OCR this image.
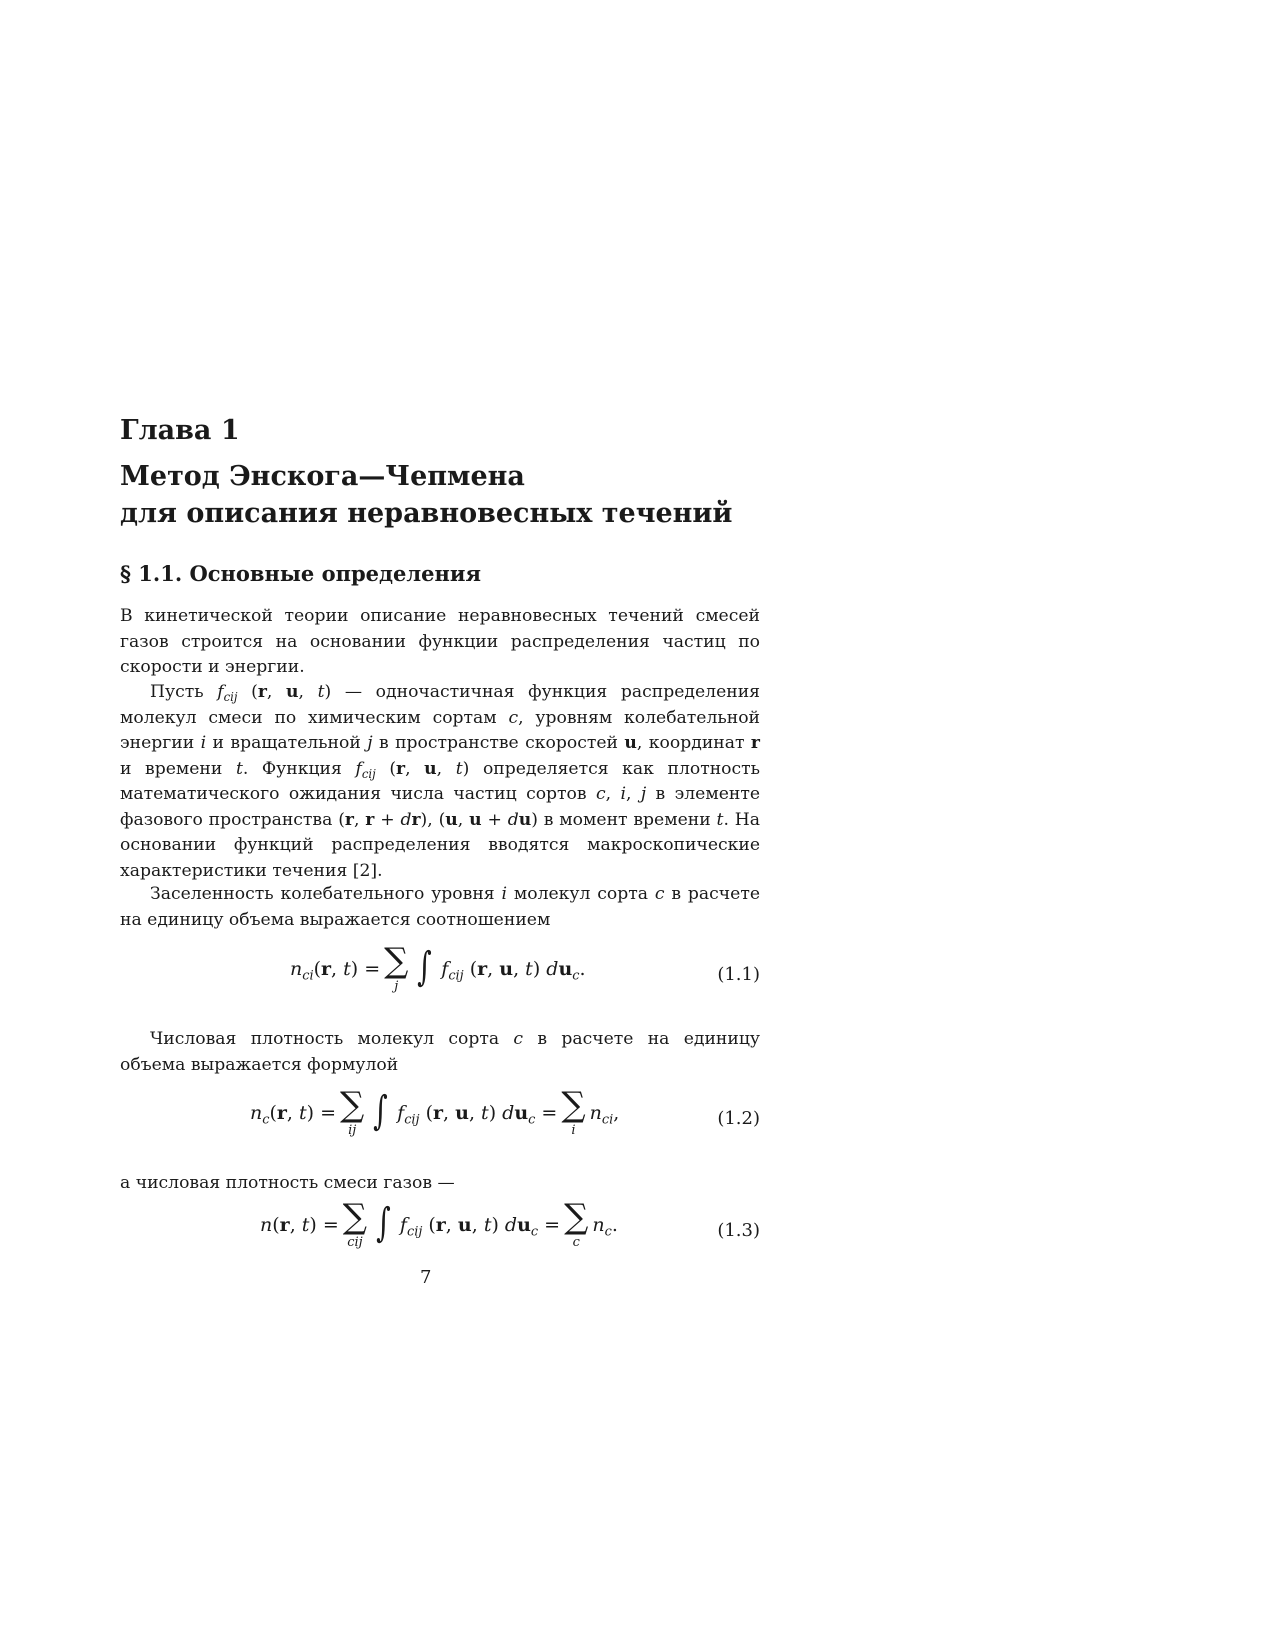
Глава 1
Метод Энскога—Чепмена
для описания неравновесных течений
§ 1.1. Основные определения

В кинетической теории описание неравновесных течений смесей газов строится на основании функции распределения частиц по скорости и энергии.

Пусть $f_{cij}$ (r, u, t) — одночастичная функция распределения молекул смеси по химическим сортам c, уровням колебательной энергии i и вращательной j в пространстве скоростей u, координат r и времени t. Функция $f_{cij}$ (r, u, t) определяется как плотность математического ожидания числа частиц сортов c, i, j в элементе фазового пространства (r, r + dr), (u, u + du) в момент времени t. На основании функций распределения вводятся макроскопические характеристики течения [2].

Заселенность колебательного уровня i молекул сорта c в расчете на единицу объема выражается соотношением

$n_{ci}(r$, t) = ∑
j ∫ $f_{cij}$ (r, u, t) $du_c$.	(1.1)

Числовая плотность молекул сорта c в расчете на единицу объема выражается формулой

$n_c(r$, t) = ∑
ij ∫ $f_{cij}$ (r, u, t) $du_c$ = ∑
i
$n_{ci}$,	(1.2)

а числовая плотность смеси газов —

n(r, t) = ∑
cij ∫ $f_{cij}$ (r, u, t) $du_c$ = ∑
c
$n_c$.	(1.3)
7
